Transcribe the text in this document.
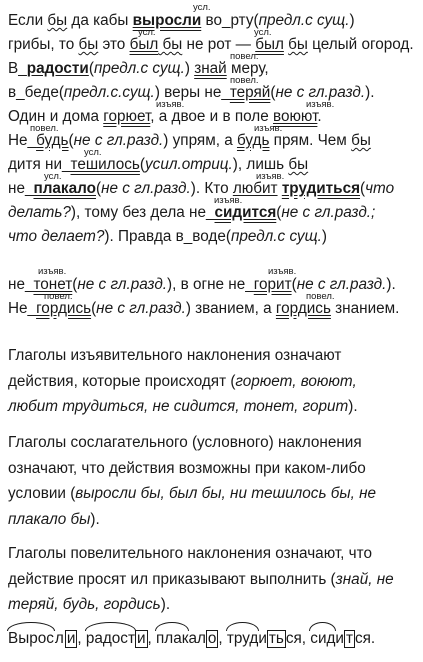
усл.
Если бы да кабы выросли во_рту(предл.с сущ.)
усл.	усл.
грибы, то бы это был бы не рот — был бы целый огород.
повел.
В_радости(предл.с сущ.) знай меру,
повел.
в_беде(предл.с.сущ.) веры не_теряй(не с гл.разд.).
изъяв.	изъяв.
Один и дома горюет, а двое и в поле воюют.
повел.	изъяв.
Не_будь(не с гл.разд.) упрям, а будь прям. Чем бы
усл.
дитя ни_тешилось(усил.отриц.), лишь бы
усл.	изъяв.
не_плакало(не с гл.разд.). Кто любит трудиться(что
изъяв.
делать?), тому без дела не_сидится(не с гл.разд.;
что делает?). Правда в_воде(предл.с сущ.)
изъяв.	изъяв.
не_тонет(не с гл.разд.), в огне не_горит(не с гл.разд.).
повел.	повел.
Не_гордись(не с гл.разд.) званием, а гордись знанием.
Глаголы изъявительного наклонения означают
действия, которые происходят (горюет, воюют,
любит трудиться, не сидится, тонет, горит).
Глаголы сослагательного (условного) наклонения
означают, что действия возможны при каком-либо
условии (выросли бы, был бы, ни тешилось бы, не
плакало бы).
Глаголы повелительного наклонения означают, что
действие просят ил приказывают выполнить (знай, не
теряй, будь, гордись).
Выросл и , радост и , плакал о , труди ть ся, сиди т ся.
